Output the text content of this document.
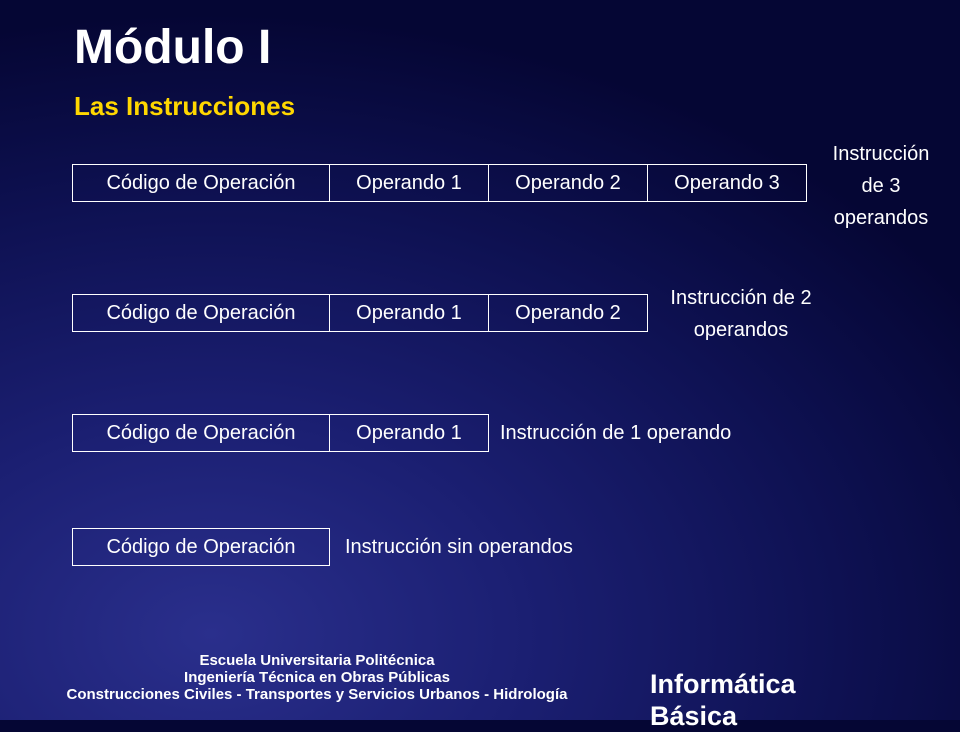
Módulo I
Las Instrucciones
Código de Operación	Operando 1	Operando 2	Operando 3
Instrucción
de 3
operandos
Código de Operación	Operando 1	Operando 2
Instrucción de 2
operandos
Código de Operación	Operando 1	Instrucción de 1 operando
Código de Operación	Instrucción sin operandos
Escuela Universitaria Politécnica
Ingeniería Técnica en Obras Públicas
Construcciones Civiles - Transportes y Servicios Urbanos - Hidrología	Informática
Básica
